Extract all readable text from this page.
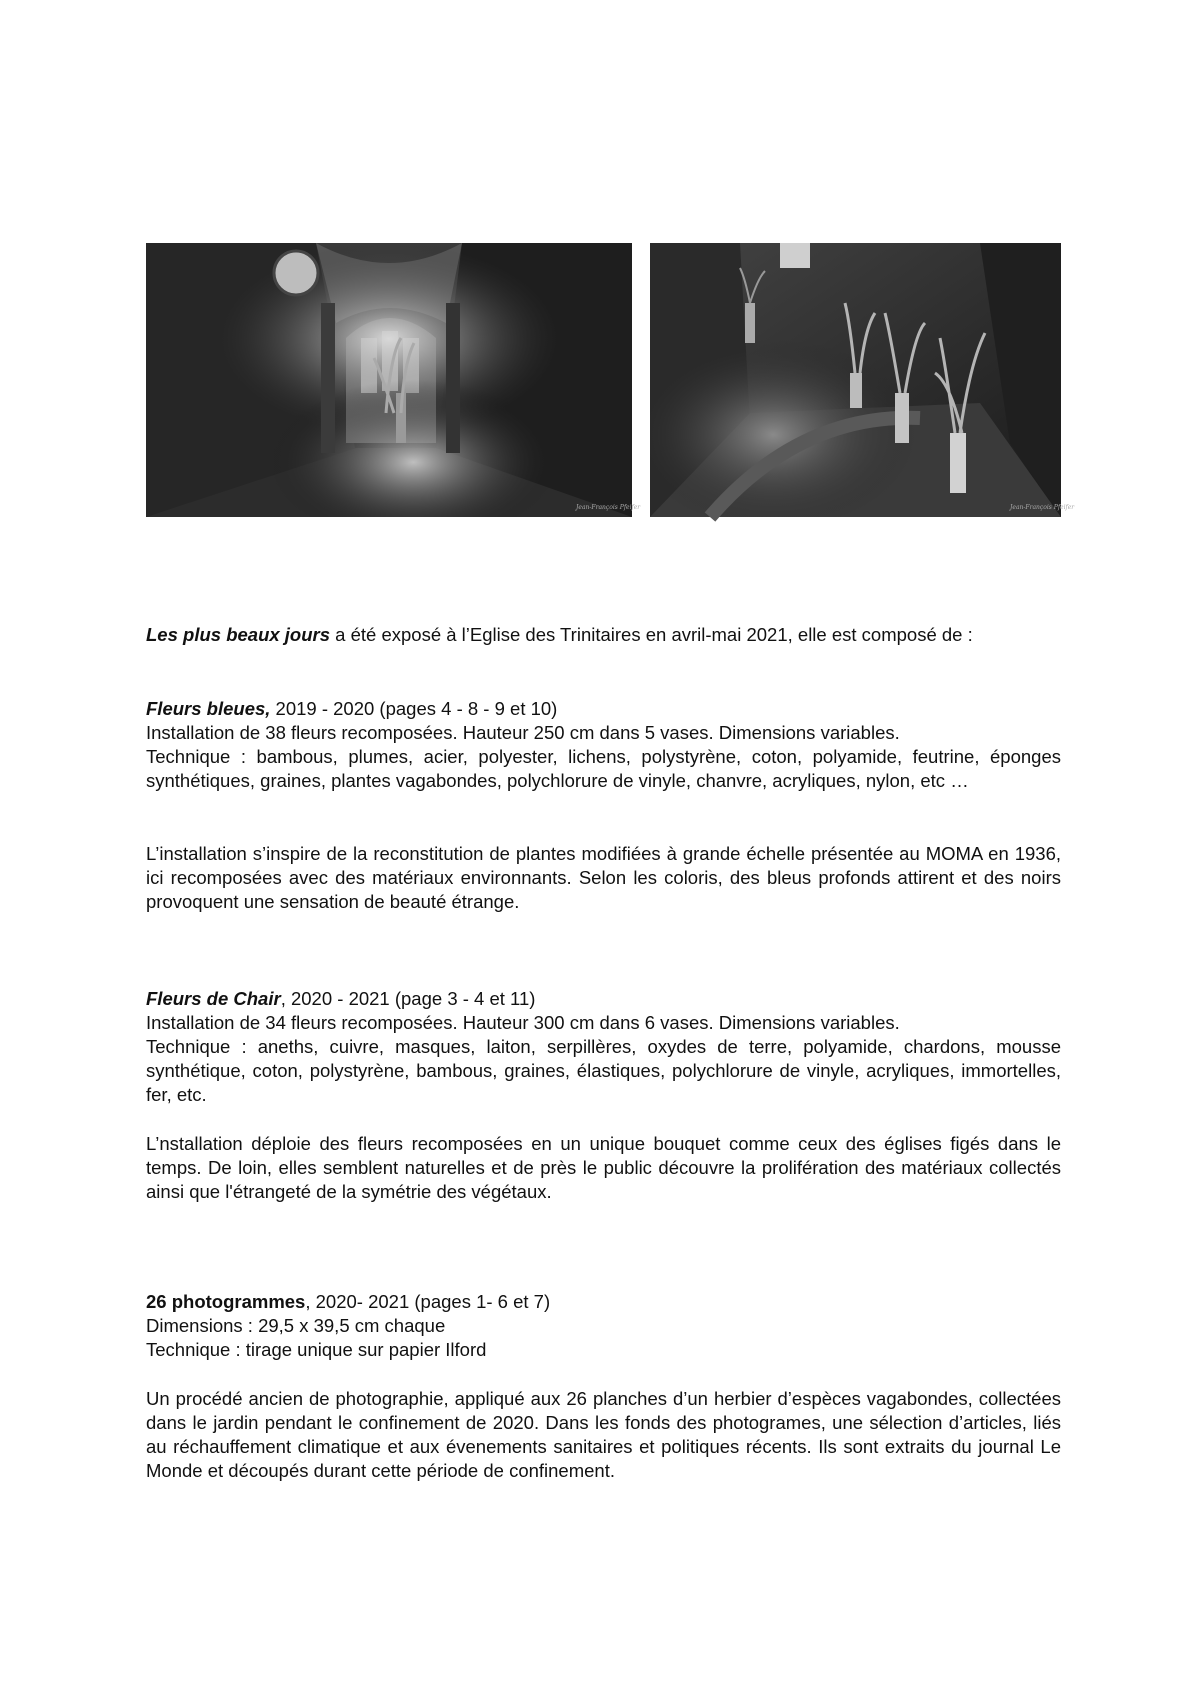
Jean-François Pfeifer	Jean-François Pfeifer

Les plus beaux jours a été exposé à l’Eglise des Trinitaires en avril-mai 2021, elle est composé de :

Fleurs bleues, 2019 - 2020 (pages 4 - 8 - 9 et 10)

Installation de 38 fleurs recomposées. Hauteur 250 cm dans 5 vases. Dimensions variables.

Technique : bambous, plumes, acier, polyester, lichens, polystyrène, coton, polyamide, feutrine, éponges synthétiques, graines, plantes vagabondes, polychlorure de vinyle, chanvre, acryliques, nylon, etc …

L’installation s’inspire de la reconstitution de plantes modifiées à grande échelle présentée au MOMA en 1936, ici recomposées avec des matériaux environnants. Selon les coloris, des bleus profonds attirent et des noirs provoquent une sensation de beauté étrange.

Fleurs de Chair, 2020 - 2021 (page 3 - 4 et 11)

Installation de 34 fleurs recomposées. Hauteur 300 cm dans 6 vases. Dimensions variables.

Technique : aneths, cuivre, masques, laiton, serpillères, oxydes de terre, polyamide, chardons, mousse synthétique, coton, polystyrène, bambous, graines, élastiques, polychlorure de vinyle, acryliques, immortelles, fer, etc.

L’nstallation déploie des fleurs recomposées en un unique bouquet comme ceux des églises figés dans le temps. De loin, elles semblent naturelles et de près le public découvre la prolifération des matériaux collectés ainsi que l'étrangeté de la symétrie des végétaux.

26 photogrammes, 2020- 2021 (pages 1- 6 et 7)

Dimensions : 29,5 x 39,5 cm chaque

Technique : tirage unique sur papier Ilford

Un procédé ancien de photographie, appliqué aux 26 planches d’un herbier d’espèces vagabondes, collectées dans le jardin pendant le confinement de 2020. Dans les fonds des photogrames, une sélection d’articles, liés au réchauffement climatique et aux évenements sanitaires et politiques récents. Ils sont extraits du journal Le Monde et découpés durant cette période de confinement.
